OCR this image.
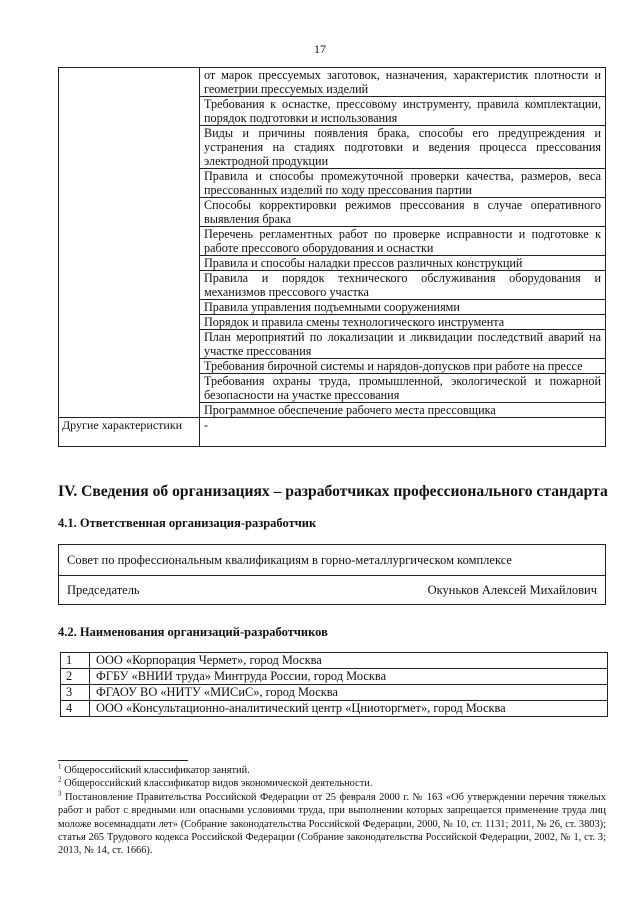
17
	от марок прессуемых заготовок, назначения, характеристик плотности и геометрии прессуемых изделий
	Требования к оснастке, прессовому инструменту, правила комплектации, порядок подготовки и использования
	Виды и причины появления брака, способы его предупреждения и устранения на стадиях подготовки и ведения процесса прессования электродной продукции
	Правила и способы промежуточной проверки качества, размеров, веса прессованных изделий по ходу прессования партии
	Способы корректировки режимов прессования в случае оперативного выявления брака
	Перечень регламентных работ по проверке исправности и подготовке к работе прессового оборудования и оснастки
	Правила и способы наладки прессов различных конструкций
	Правила и порядок технического обслуживания оборудования и механизмов прессового участка
	Правила управления подъемными сооружениями
	Порядок и правила смены технологического инструмента
	План мероприятий по локализации и ликвидации последствий аварий на участке прессования
	Требования бирочной системы и нарядов-допусков при работе на прессе
	Требования охраны труда, промышленной, экологической и пожарной безопасности на участке прессования
	Программное обеспечение рабочего места прессовщика
Другие характеристики	-
IV. Сведения об организациях – разработчиках профессионального стандарта
4.1. Ответственная организация-разработчик
Совет по профессиональным квалификациям в горно-металлургическом комплексе

Председатель	Окуньков Алексей Михайлович
4.2. Наименования организаций-разработчиков
1	ООО «Корпорация Чермет», город Москва
2	ФГБУ «ВНИИ труда» Минтруда России, город Москва
3	ФГАОУ ВО «НИТУ «МИСиС», город Москва
4	ООО «Консультационно-аналитический центр «Цниоторгмет», город Москва

$^1$ Общероссийский классификатор занятий.

$^2$ Общероссийский классификатор видов экономической деятельности.

$^3$ Постановление Правительства Российской Федерации от 25 февраля 2000 г. № 163 «Об утверждении перечня тяжелых работ и работ с вредными или опасными условиями труда, при выполнении которых запрещается применение труда лиц моложе восемнадцати лет» (Собрание законодательства Российской Федерации, 2000, № 10, ст. 1131; 2011, № 26, ст. 3803); статья 265 Трудового кодекса Российской Федерации (Собрание законодательства Российской Федерации, 2002, № 1, ст. 3; 2013, № 14, ст. 1666).
